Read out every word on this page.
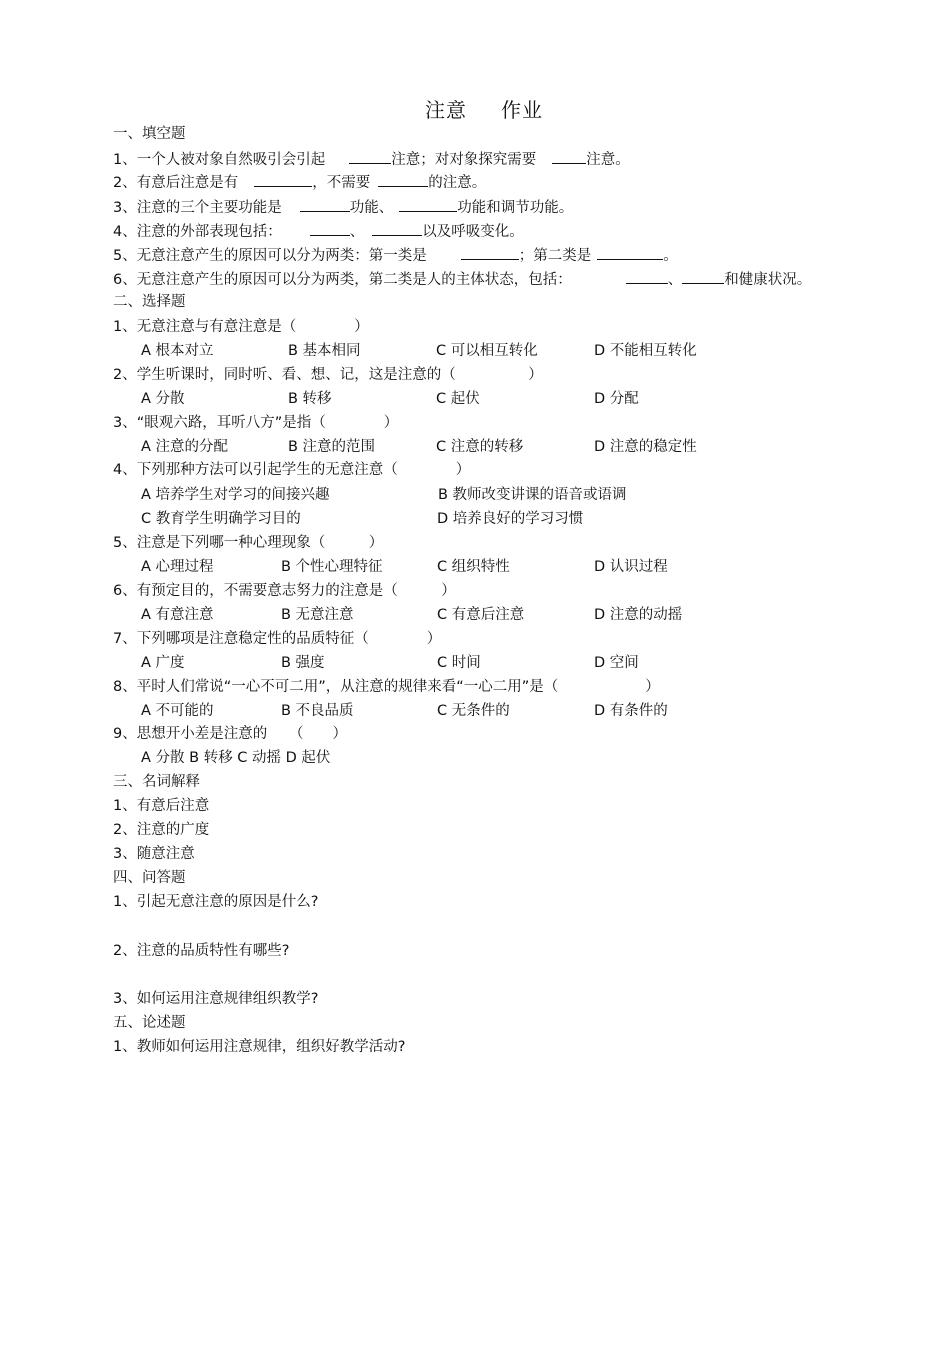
注意 作业
一、填空题
1、一个人被对象自然吸引会引起	注意；对对象探究需要	注意。
2、有意后注意是有	，不需要	的注意。
3、注意的三个主要功能是	功能、	功能和调节功能。
4、注意的外部表现包括：	、	以及呼吸变化。
5、无意注意产生的原因可以分为两类：第一类是	；第二类是	。
6、无意注意产生的原因可以分为两类，第二类是人的主体状态，包括：	、	和健康状况。
二、选择题
1、无意注意与有意注意是（　　　　）
A 根本对立	B 基本相同	C 可以相互转化	D 不能相互转化
2、学生听课时，同时听、看、想、记，这是注意的（　　　　　）
A 分散	B 转移	C 起伏	D 分配
3、“眼观六路，耳听八方”是指（　　　　）
A 注意的分配	B 注意的范围	C 注意的转移	D 注意的稳定性
4、下列那种方法可以引起学生的无意注意（　　　　）
A 培养学生对学习的间接兴趣	B 教师改变讲课的语音或语调
C 教育学生明确学习目的	D 培养良好的学习习惯
5、注意是下列哪一种心理现象（　　　）
A 心理过程	B 个性心理特征	C 组织特性	D 认识过程
6、有预定目的，不需要意志努力的注意是（　　　）
A 有意注意	B 无意注意	C 有意后注意	D 注意的动摇
7、下列哪项是注意稳定性的品质特征（　　　　）
A 广度	B 强度	C 时间	D 空间
8、平时人们常说“一心不可二用”，从注意的规律来看“一心二用”是（　　　　　　）
A 不可能的	B 不良品质	C 无条件的	D 有条件的
9、思想开小差是注意的　　（　　）
A 分散 B 转移 C 动摇 D 起伏
三、名词解释
1、有意后注意
2、注意的广度
3、随意注意
四、问答题
1、引起无意注意的原因是什么?
2、注意的品质特性有哪些?
3、如何运用注意规律组织教学?
五、论述题
1、教师如何运用注意规律，组织好教学活动?
